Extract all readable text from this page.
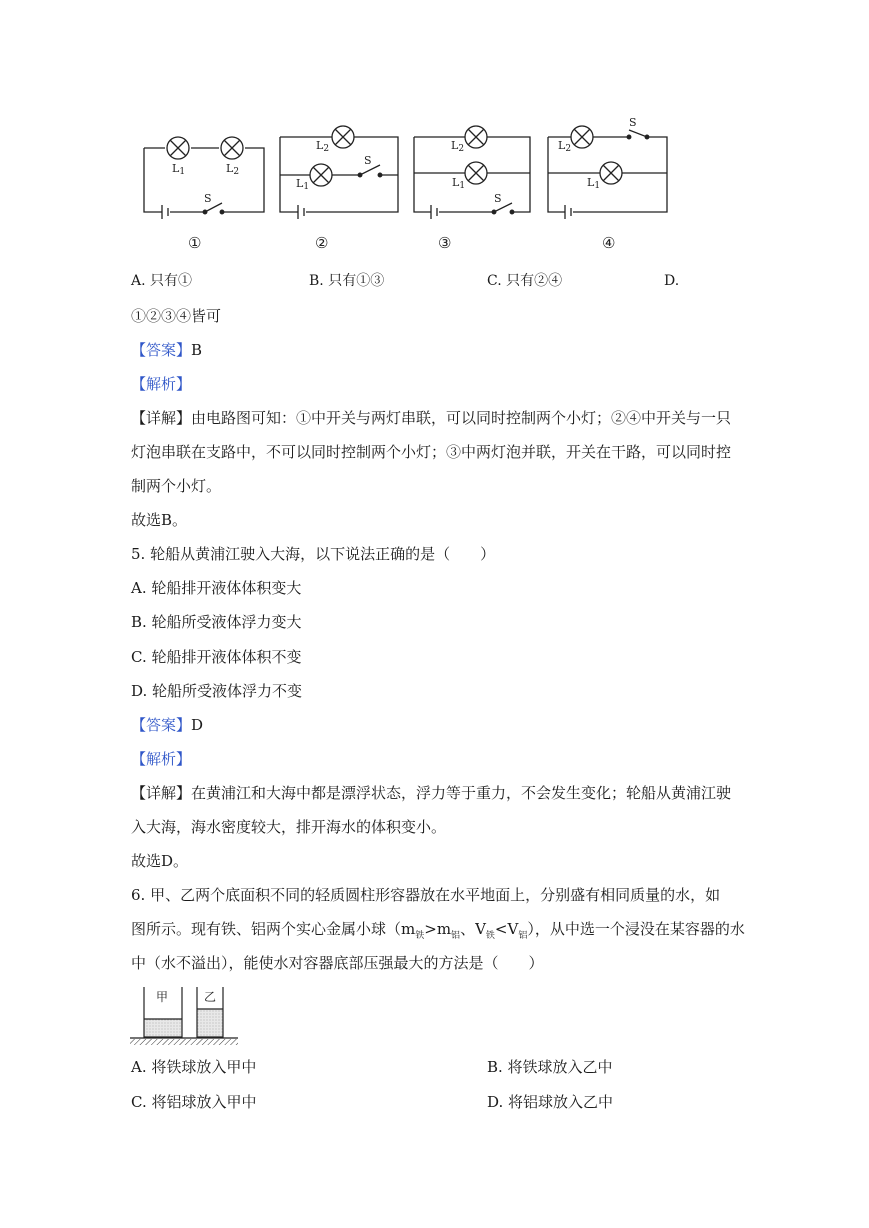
L1	L2
S
L2
L1
S
L2
L1
S
L2
L1
S
①	②	③	④
A. 只有①	B. 只有①③	C. 只有②④	D.
①②③④皆可
【答案】B
【解析】
【详解】由电路图可知：①中开关与两灯串联，可以同时控制两个小灯；②④中开关与一只
灯泡串联在支路中，不可以同时控制两个小灯；③中两灯泡并联，开关在干路，可以同时控
制两个小灯。
故选B。
5. 轮船从黄浦江驶入大海，以下说法正确的是（　　）
A. 轮船排开液体体积变大
B. 轮船所受液体浮力变大
C. 轮船排开液体体积不变
D. 轮船所受液体浮力不变
【答案】D
【解析】
【详解】在黄浦江和大海中都是漂浮状态，浮力等于重力，不会发生变化；轮船从黄浦江驶
入大海，海水密度较大，排开海水的体积变小。
故选D。
6. 甲、乙两个底面积不同的轻质圆柱形容器放在水平地面上，分别盛有相同质量的水，如
图所示。现有铁、铝两个实心金属小球（$m_铁>m_铝$、$V_铁<V_铝$），从中选一个浸没在某容器的水
中（水不溢出），能使水对容器底部压强最大的方法是（　　）
甲	乙
A. 将铁球放入甲中	B. 将铁球放入乙中
C. 将铝球放入甲中	D. 将铝球放入乙中
